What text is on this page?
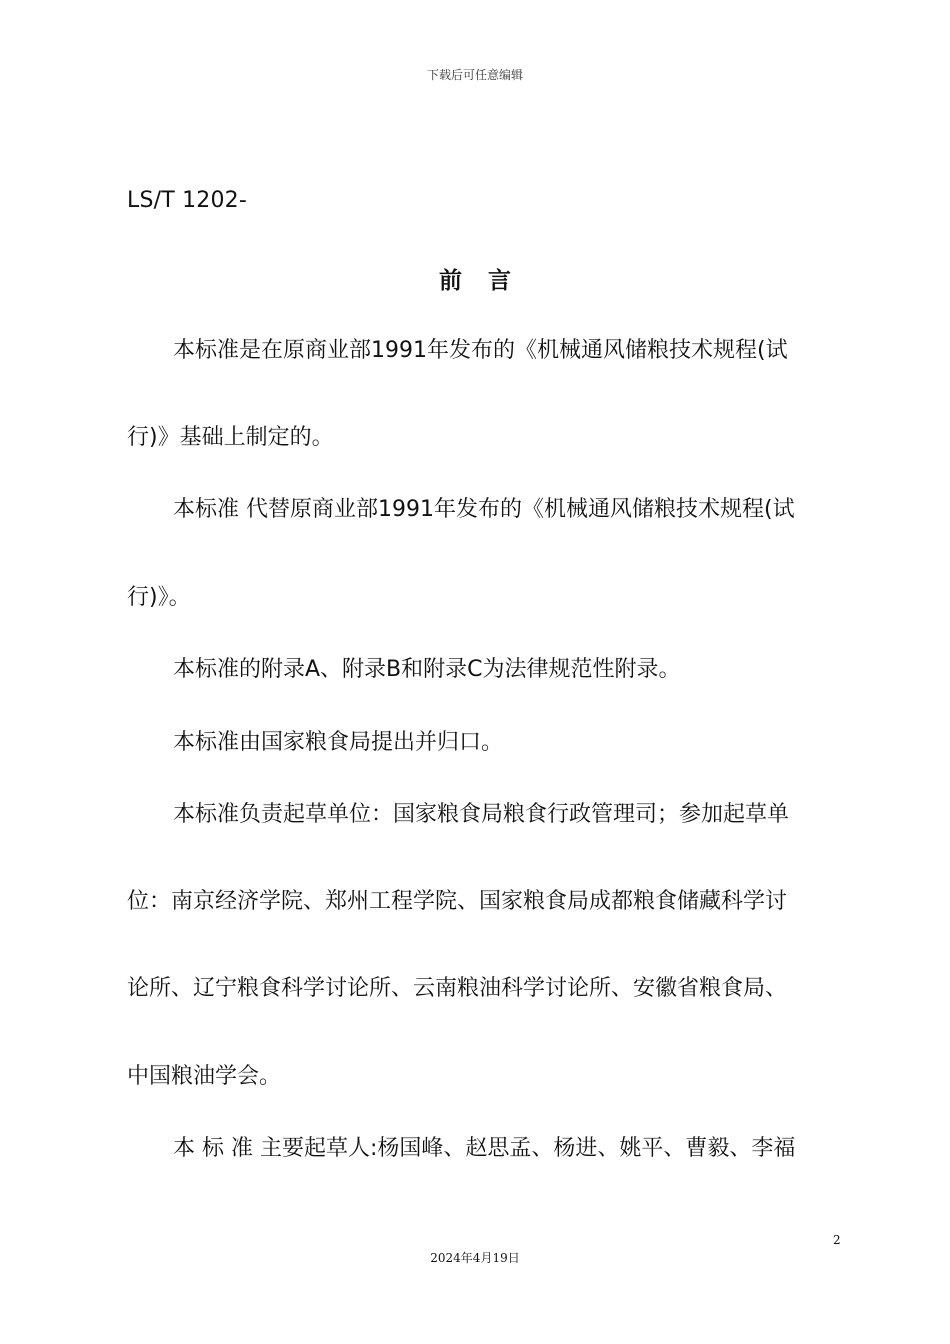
下载后可任意编辑
LS/T 1202-
前言
本标准是在原商业部1991年发布的《机械通风储粮技术规程(试
行)》基础上制定的。
本标准 代替原商业部1991年发布的《机械通风储粮技术规程(试
行)》。
本标准的附录A、附录B和附录C为法律规范性附录。
本标准由国家粮食局提出并归口。
本标准负责起草单位：国家粮食局粮食行政管理司；参加起草单
位：南京经济学院、郑州工程学院、国家粮食局成都粮食储藏科学讨
论所、辽宁粮食科学讨论所、云南粮油科学讨论所、安徽省粮食局、
中国粮油学会。
本 标 准 主要起草人:杨国峰、赵思孟、杨进、姚平、曹毅、李福
2
2024年4月19日
